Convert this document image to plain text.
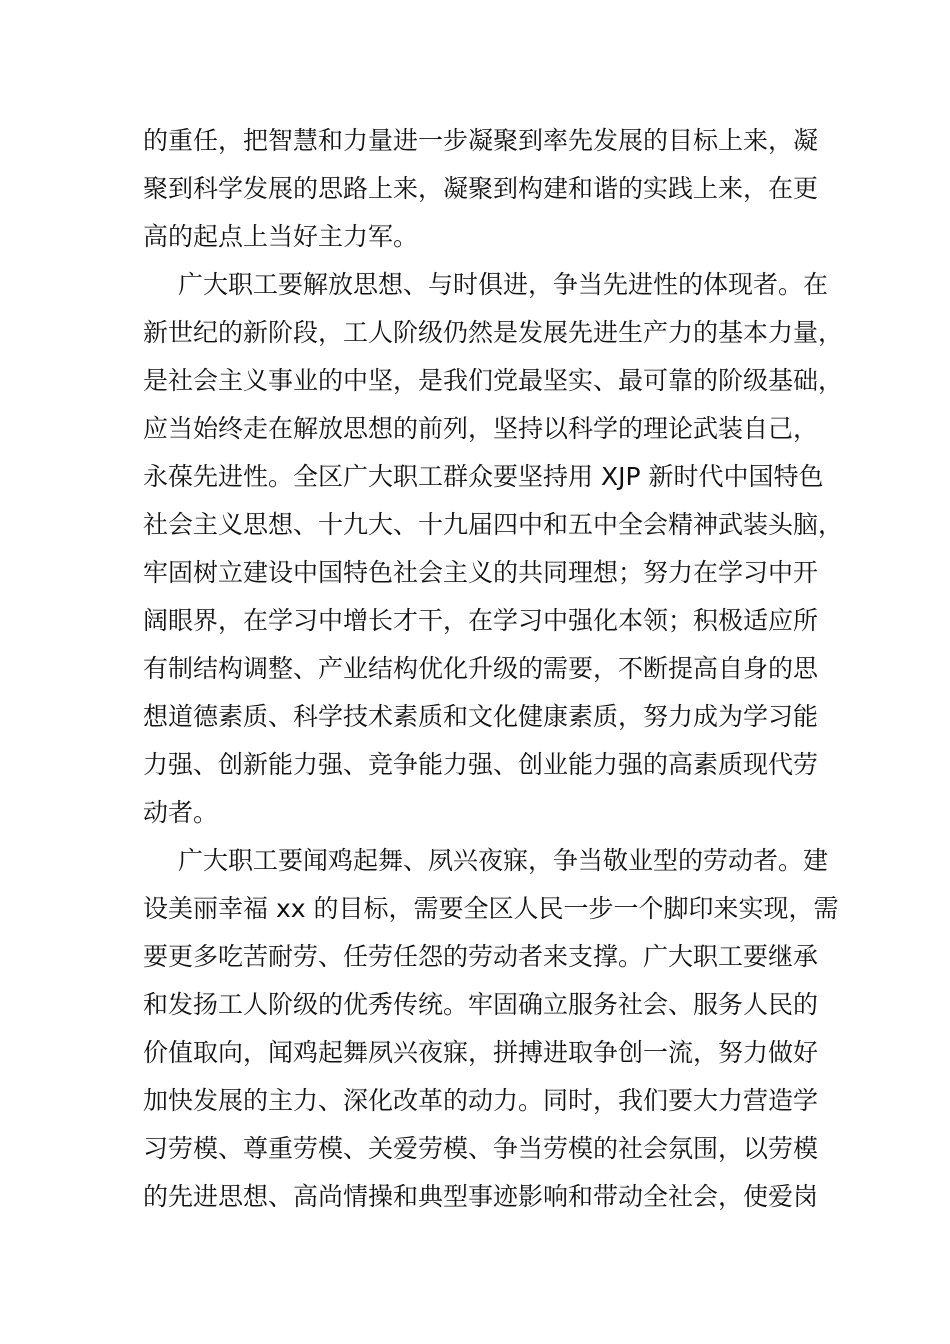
的重任，把智慧和力量进一步凝聚到率先发展的目标上来，凝
聚到科学发展的思路上来，凝聚到构建和谐的实践上来，在更
高的起点上当好主力军。
广大职工要解放思想、与时俱进，争当先进性的体现者。在
新世纪的新阶段，工人阶级仍然是发展先进生产力的基本力量，
是社会主义事业的中坚，是我们党最坚实、最可靠的阶级基础，
应当始终走在解放思想的前列，坚持以科学的理论武装自己，
永葆先进性。全区广大职工群众要坚持用 XJP 新时代中国特色
社会主义思想、十九大、十九届四中和五中全会精神武装头脑，
牢固树立建设中国特色社会主义的共同理想；努力在学习中开
阔眼界，在学习中增长才干，在学习中强化本领；积极适应所
有制结构调整、产业结构优化升级的需要，不断提高自身的思
想道德素质、科学技术素质和文化健康素质，努力成为学习能
力强、创新能力强、竞争能力强、创业能力强的高素质现代劳
动者。
广大职工要闻鸡起舞、夙兴夜寐，争当敬业型的劳动者。建
设美丽幸福 xx 的目标，需要全区人民一步一个脚印来实现，需
要更多吃苦耐劳、任劳任怨的劳动者来支撑。广大职工要继承
和发扬工人阶级的优秀传统。牢固确立服务社会、服务人民的
价值取向，闻鸡起舞夙兴夜寐，拼搏进取争创一流，努力做好
加快发展的主力、深化改革的动力。同时，我们要大力营造学
习劳模、尊重劳模、关爱劳模、争当劳模的社会氛围，以劳模
的先进思想、高尚情操和典型事迹影响和带动全社会，使爱岗
